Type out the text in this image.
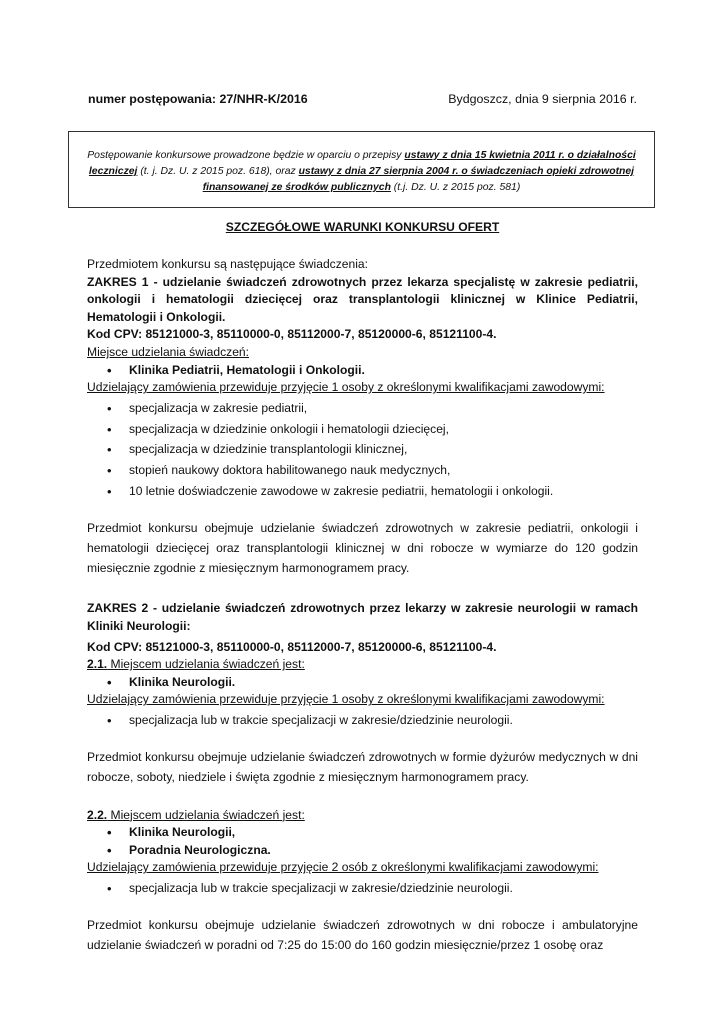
numer postępowania: 27/NHR-K/2016	Bydgoszcz, dnia 9 sierpnia 2016 r.
Postępowanie konkursowe prowadzone będzie w oparciu o przepisy ustawy z dnia 15 kwietnia 2011 r. o działalności leczniczej (t. j. Dz. U. z 2015 poz. 618), oraz ustawy z dnia 27 sierpnia 2004 r. o świadczeniach opieki zdrowotnej finansowanej ze środków publicznych (t.j. Dz. U. z 2015 poz. 581)
SZCZEGÓŁOWE WARUNKI KONKURSU OFERT

Przedmiotem konkursu są następujące świadczenia:

ZAKRES 1 - udzielanie świadczeń zdrowotnych przez lekarza specjalistę w zakresie pediatrii, onkologii i hematologii dziecięcej oraz transplantologii klinicznej w Klinice Pediatrii, Hematologii i Onkologii.

Kod CPV: 85121000-3, 85110000-0, 85112000-7, 85120000-6, 85121100-4.

Miejsce udzielania świadczeń:

• Klinika Pediatrii, Hematologii i Onkologii.

Udzielający zamówienia przewiduje przyjęcie 1 osoby z określonymi kwalifikacjami zawodowymi:

• specjalizacja w zakresie pediatrii,
• specjalizacja w dziedzinie onkologii i hematologii dziecięcej,
• specjalizacja w dziedzinie transplantologii klinicznej,
• stopień naukowy doktora habilitowanego nauk medycznych,
• 10 letnie doświadczenie zawodowe w zakresie pediatrii, hematologii i onkologii.

Przedmiot konkursu obejmuje udzielanie świadczeń zdrowotnych w zakresie pediatrii, onkologii i hematologii dziecięcej oraz transplantologii klinicznej w dni robocze w wymiarze do 120 godzin miesięcznie zgodnie z miesięcznym harmonogramem pracy.

ZAKRES 2 - udzielanie świadczeń zdrowotnych przez lekarzy w zakresie neurologii w ramach Kliniki Neurologii:

Kod CPV: 85121000-3, 85110000-0, 85112000-7, 85120000-6, 85121100-4.

2.1. Miejscem udzielania świadczeń jest:

• Klinika Neurologii.

Udzielający zamówienia przewiduje przyjęcie 1 osoby z określonymi kwalifikacjami zawodowymi:

• specjalizacja lub w trakcie specjalizacji w zakresie/dziedzinie neurologii.

Przedmiot konkursu obejmuje udzielanie świadczeń zdrowotnych w formie dyżurów medycznych w dni robocze, soboty, niedziele i święta zgodnie z miesięcznym harmonogramem pracy.

2.2. Miejscem udzielania świadczeń jest:

• Klinika Neurologii,
• Poradnia Neurologiczna.

Udzielający zamówienia przewiduje przyjęcie 2 osób z określonymi kwalifikacjami zawodowymi:

• specjalizacja lub w trakcie specjalizacji w zakresie/dziedzinie neurologii.

Przedmiot konkursu obejmuje udzielanie świadczeń zdrowotnych w dni robocze i ambulatoryjne udzielanie świadczeń w poradni od 7:25 do 15:00 do 160 godzin miesięcznie/przez 1 osobę oraz
